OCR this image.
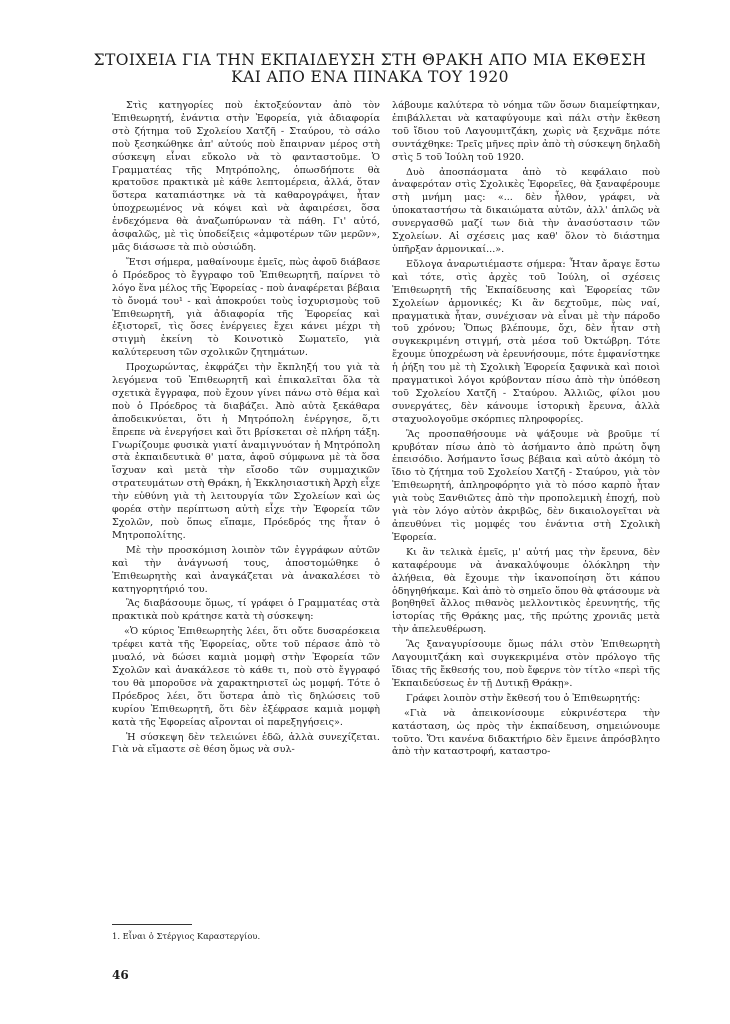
ΣΤΟΙΧΕΙΑ ΓΙΑ ΤΗΝ ΕΚΠΑΙΔΕΥΣΗ ΣΤΗ ΘΡΑΚΗ ΑΠΟ ΜΙΑ ΕΚΘΕΣΗ
ΚΑΙ ΑΠΟ ΕΝΑ ΠΙΝΑΚΑ ΤΟΥ 1920

Στὶς κατηγορίες ποὺ ἐκτοξεύονταν ἀπὸ τὸν Ἐπιθεωρητή, ἐνάντια στὴν Ἐφορεία, γιὰ ἀδιαφορία στὸ ζήτημα τοῦ Σχολείου Χατζῆ - Σταύρου, τὸ σάλο ποὺ ξεσηκώθηκε ἀπ' αὐτούς ποὺ ἔπαιρναν μέρος στὴ σύσκεψη εἶναι εὔκολο νὰ τὸ φανταστοῦμε. Ὁ Γραμματέας τῆς Μητρόπολης, ὁπωσδήποτε θὰ κρατοῦσε πρακτικὰ μὲ κάθε λεπτομέρεια, ἀλλά, ὅταν ὕστερα καταπιάστηκε νὰ τὰ καθαρογράψει, ἦταν ὑποχρεωμένος νὰ κόψει καὶ νὰ ἀφαιρέσει, ὅσα ἐνδεχόμενα θὰ ἀναζωπύρωναν τὰ πάθη. Γι' αὐτό, ἀσφαλῶς, μὲ τὶς ὑποδείξεις «ἀμφοτέρων τῶν μερῶν», μᾶς διάσωσε τὰ πιὸ οὐσιώδη.

Ἔτσι σήμερα, μαθαίνουμε ἐμεῖς, πὼς ἀφοῦ διάβασε ὁ Πρόεδρος τὸ ἔγγραφο τοῦ Ἐπιθεωρητῆ, παίρνει τὸ λόγο ἕνα μέλος τῆς Ἐφορείας - ποὺ ἀναφέρεται βέβαια τὸ ὄνομά του¹ - καὶ ἀποκρούει τοὺς ἰσχυρισμοὺς τοῦ Ἐπιθεωρητῆ, γιὰ ἀδιαφορία τῆς Ἐφορείας καὶ ἐξιστορεῖ, τὶς ὅσες ἐνέργειες ἔχει κάνει μέχρι τὴ στιγμὴ ἐκείνη τὸ Κοινοτικὸ Σωματεῖο, γιὰ καλύτερευση τῶν σχολικῶν ζητημάτων.

Προχωρώντας, ἐκφράζει τὴν ἔκπληξή του γιὰ τὰ λεγόμενα τοῦ Ἐπιθεωρητῆ καὶ ἐπικαλεῖται ὅλα τὰ σχετικὰ ἔγγραφα, ποὺ ἔχουν γίνει πάνω στὸ θέμα καὶ ποὺ ὁ Πρόεδρος τὰ διαβάζει. Ἀπὸ αὐτὰ ξεκάθαρα ἀποδεικνύεται, ὅτι ἡ Μητρόπολη ἐνέργησε, ὅ,τι ἔπρεπε νὰ ἐνεργήσει καὶ ὅτι βρίσκεται σὲ πλήρη τάξη. Γνωρίζουμε φυσικὰ γιατί ἀναμιγνυόταν ἡ Μητρόπολη στὰ ἐκπαιδευτικὰ θ' ματα, ἀφοῦ σύμφωνα μὲ τὰ ὅσα ἴσχυαν καὶ μετὰ τὴν εἴσοδο τῶν συμμαχικῶν στρατευμάτων στὴ Θράκη, ἡ Ἐκκλησιαστικὴ Ἀρχὴ εἶχε τὴν εὐθύνη γιὰ τὴ λειτουργία τῶν Σχολείων καὶ ὡς φορέα στὴν περίπτωση αὐτὴ εἶχε τὴν Ἐφορεία τῶν Σχολῶν, ποὺ ὅπως εἴπαμε, Πρόεδρός της ἦταν ὁ Μητροπολίτης.

Μὲ τὴν προσκόμιση λοιπὸν τῶν ἐγγράφων αὐτῶν καὶ τὴν ἀνάγνωσή τους, ἀποστομώθηκε ὁ Ἐπιθεωρητὴς καὶ ἀναγκάζεται νὰ ἀνακαλέσει τὸ κατηγορητήριό του.

Ἂς διαβάσουμε ὅμως, τί γράφει ὁ Γραμματέας στὰ πρακτικὰ ποὺ κράτησε κατὰ τὴ σύσκεψη:

«Ὁ κύριος Ἐπιθεωρητὴς λέει, ὅτι οὔτε δυσαρέσκεια τρέφει κατὰ τῆς Ἐφορείας, οὔτε τοῦ πέρασε ἀπὸ τὸ μυαλό, νὰ δώσει καμιὰ μομφὴ στὴν Ἐφορεία τῶν Σχολῶν καὶ ἀνακάλεσε τὸ κάθε τι, ποὺ στὸ ἔγγραφό του θὰ μποροῦσε νὰ χαρακτηριστεῖ ὡς μομφή. Τότε ὁ Πρόεδρος λέει, ὅτι ὕστερα ἀπὸ τὶς δηλώσεις τοῦ κυρίου Ἐπιθεωρητῆ, ὅτι δὲν ἐξέφρασε καμιὰ μομφὴ κατὰ τῆς Ἐφορείας αἴρονται οἱ παρεξηγήσεις».

Ἡ σύσκεψη δὲν τελειώνει ἐδῶ, ἀλλὰ συνεχίζεται. Γιὰ νὰ εἴμαστε σὲ θέση ὅμως νὰ συλ-

λάβουμε καλύτερα τὸ νόημα τῶν ὅσων διαμείφτηκαν, ἐπιβάλλεται νὰ καταφύγουμε καὶ πάλι στὴν ἔκθεση τοῦ ἴδιου τοῦ Λαγουμιτζάκη, χωρὶς νὰ ξεχνᾶμε πότε συντάχθηκε: Τρεῖς μῆνες πρὶν ἀπὸ τὴ σύσκεψη δηλαδὴ στὶς 5 τοῦ Ἰούλη τοῦ 1920.

Δυὸ ἀποσπάσματα ἀπὸ τὸ κεφάλαιο ποὺ ἀναφερόταν στὶς Σχολικὲς Ἐφορεῖες, θὰ ξαναφέρουμε στὴ μνήμη μας: «... δὲν ἦλθον, γράφει, νὰ ὑποκαταστήσω τὰ δικαιώματα αὐτῶν, ἀλλ' ἁπλῶς νὰ συνεργασθῶ μαζί των διὰ τὴν ἀνασύστασιν τῶν Σχολείων. Αἱ σχέσεις μας καθ' ὅλον τὸ διάστημα ὑπῆρξαν ἁρμονικαί...».

Εὔλογα ἀναρωτιέμαστε σήμερα: Ἦταν ἄραγε ἔστω καὶ τότε, στὶς ἀρχὲς τοῦ Ἰούλη, οἱ σχέσεις Ἐπιθεωρητῆ τῆς Ἐκπαίδευσης καὶ Ἐφορείας τῶν Σχολείων ἁρμονικές; Κι ἂν δεχτοῦμε, πὼς ναί, πραγματικὰ ἦταν, συνέχισαν νὰ εἶναι μὲ τὴν πάροδο τοῦ χρόνου; Ὅπως βλέπουμε, ὄχι, δὲν ἦταν στὴ συγκεκριμένη στιγμή, στὰ μέσα τοῦ Ὀκτώβρη. Τότε ἔχουμε ὑποχρέωση νὰ ἐρευνήσουμε, πότε ἐμφανίστηκε ἡ ῥήξη του μὲ τὴ Σχολικὴ Ἐφορεία ξαφνικὰ καὶ ποιοὶ πραγματικοὶ λόγοι κρύβονταν πίσω ἀπὸ τὴν ὑπόθεση τοῦ Σχολείου Χατζῆ - Σταύρου. Ἀλλιῶς, φίλοι μου συνεργάτες, δὲν κάνουμε ἱστορικὴ ἔρευνα, ἀλλὰ σταχυολογοῦμε σκόρπιες πληροφορίες.

Ἂς προσπαθήσουμε νὰ ψάξουμε νὰ βροῦμε τί κρυβόταν πίσω ἀπὸ τὸ ἀσήμαντο ἀπὸ πρώτη ὄψη ἐπεισόδιο. Ἀσήμαντο ἴσως βέβαια καὶ αὐτὸ ἀκόμη τὸ ἴδιο τὸ ζήτημα τοῦ Σχολείου Χατζῆ - Σταύρου, γιὰ τὸν Ἐπιθεωρητή, ἀπληροφόρητο γιὰ τὸ πόσο καρπὸ ἦταν γιὰ τοὺς Ξανθιῶτες ἀπὸ τὴν προπολεμικὴ ἐποχή, ποὺ γιὰ τὸν λόγο αὐτὸν ἀκριβῶς, δὲν δικαιολογεῖται νὰ ἀπευθύνει τὶς μομφές του ἐνάντια στὴ Σχολικὴ Ἐφορεία.

Κι ἂν τελικὰ ἐμεῖς, μ' αὐτή μας τὴν ἔρευνα, δὲν καταφέρουμε νὰ ἀνακαλύψουμε ὁλόκληρη τὴν ἀλήθεια, θὰ ἔχουμε τὴν ἱκανοποίηση ὅτι κάπου ὁδηγηθήκαμε. Καὶ ἀπὸ τὸ σημεῖο ὅπου θὰ φτάσουμε νὰ βοηθηθεῖ ἄλλος πιθανὸς μελλοντικὸς ἐρευνητής, τῆς ἱστορίας τῆς Θράκης μας, τῆς πρώτης χρονιᾶς μετὰ τὴν ἀπελευθέρωση.

Ἂς ξαναγυρίσουμε ὅμως πάλι στὸν Ἐπιθεωρητὴ Λαγουμιτζάκη καὶ συγκεκριμένα στὸν πρόλογο τῆς ἴδιας τῆς ἔκθεσής του, ποὺ ἔφερνε τὸν τίτλο «περὶ τῆς Ἐκπαιδεύσεως ἐν τῇ Δυτικῇ Θράκῃ».

Γράφει λοιπὸν στὴν ἔκθεσή του ὁ Ἐπιθεωρητής:

«Γιὰ νὰ ἀπεικονίσουμε εὐκρινέστερα τὴν κατάσταση, ὡς πρὸς τὴν ἐκπαίδευση, σημειώνουμε τοῦτο. Ὅτι κανένα διδακτήριο δὲν ἔμεινε ἀπρόσβλητο ἀπὸ τὴν καταστροφή, καταστρο-

1. Εἶναι ὁ Στέργιος Καραστεργίου.
46
